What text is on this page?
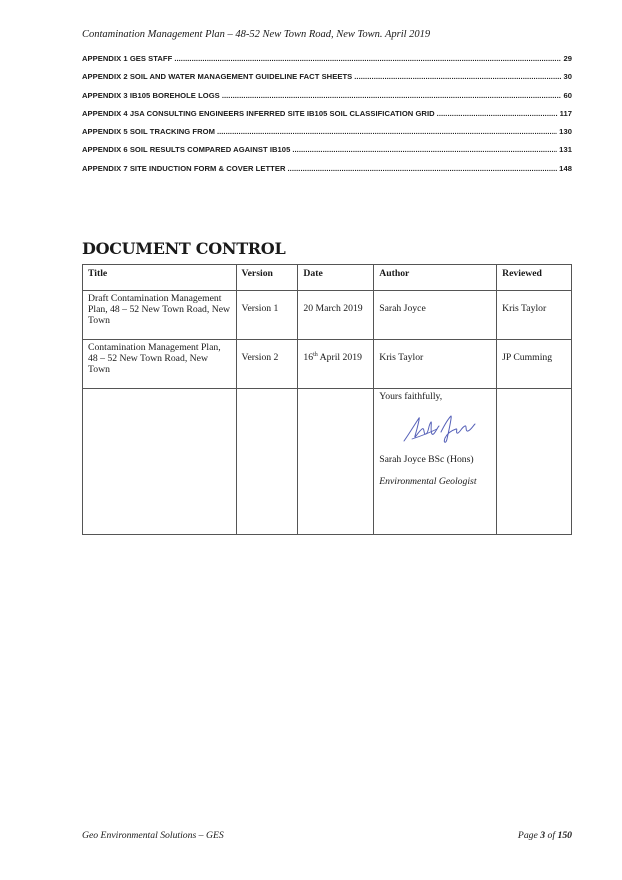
Contamination Management Plan – 48-52 New Town Road, New Town. April 2019
APPENDIX 1 GES STAFF .....	29
APPENDIX 2 SOIL AND WATER MANAGEMENT GUIDELINE FACT SHEETS .....	30
APPENDIX 3 IB105 BOREHOLE LOGS .....	60
APPENDIX 4 JSA CONSULTING ENGINEERS INFERRED SITE IB105 SOIL CLASSIFICATION GRID .....	117
APPENDIX 5 SOIL TRACKING FROM .....	130
APPENDIX 6 SOIL RESULTS COMPARED AGAINST IB105 .....	131
APPENDIX 7 SITE INDUCTION FORM & COVER LETTER .....	148
DOCUMENT CONTROL
Title	Version	Date	Author	Reviewed
Draft Contamination Management Plan, 48 – 52 New Town Road, New Town	Version 1	20 March 2019	Sarah Joyce	Kris Taylor
Contamination Management Plan, 48 – 52 New Town Road, New Town	Version 2	16th April 2019	Kris Taylor	JP Cumming

			Yours faithfully,
Sarah Joyce BSc (Hons)
Environmental Geologist	

Geo Environmental Solutions – GES	Page 3 of 150
